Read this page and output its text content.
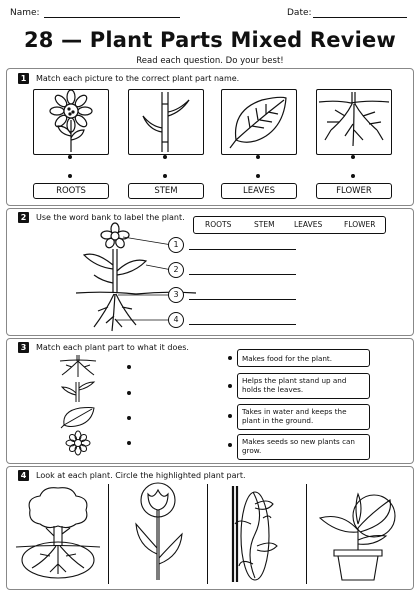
Name:	Date:
28 — Plant Parts Mixed Review
Read each question. Do your best!
1	Match each picture to the correct plant part name.
ROOTS	STEM	LEAVES	FLOWER
2	Use the word bank to label the plant.
ROOTS	STEM	LEAVES	FLOWER
1
2
3
4
3	Match each plant part to what it does.
Makes food for the plant.
Helps the plant stand up and holds the leaves.
Takes in water and keeps the plant in the ground.
Makes seeds so new plants can grow.
4	Look at each plant. Circle the highlighted plant part.
